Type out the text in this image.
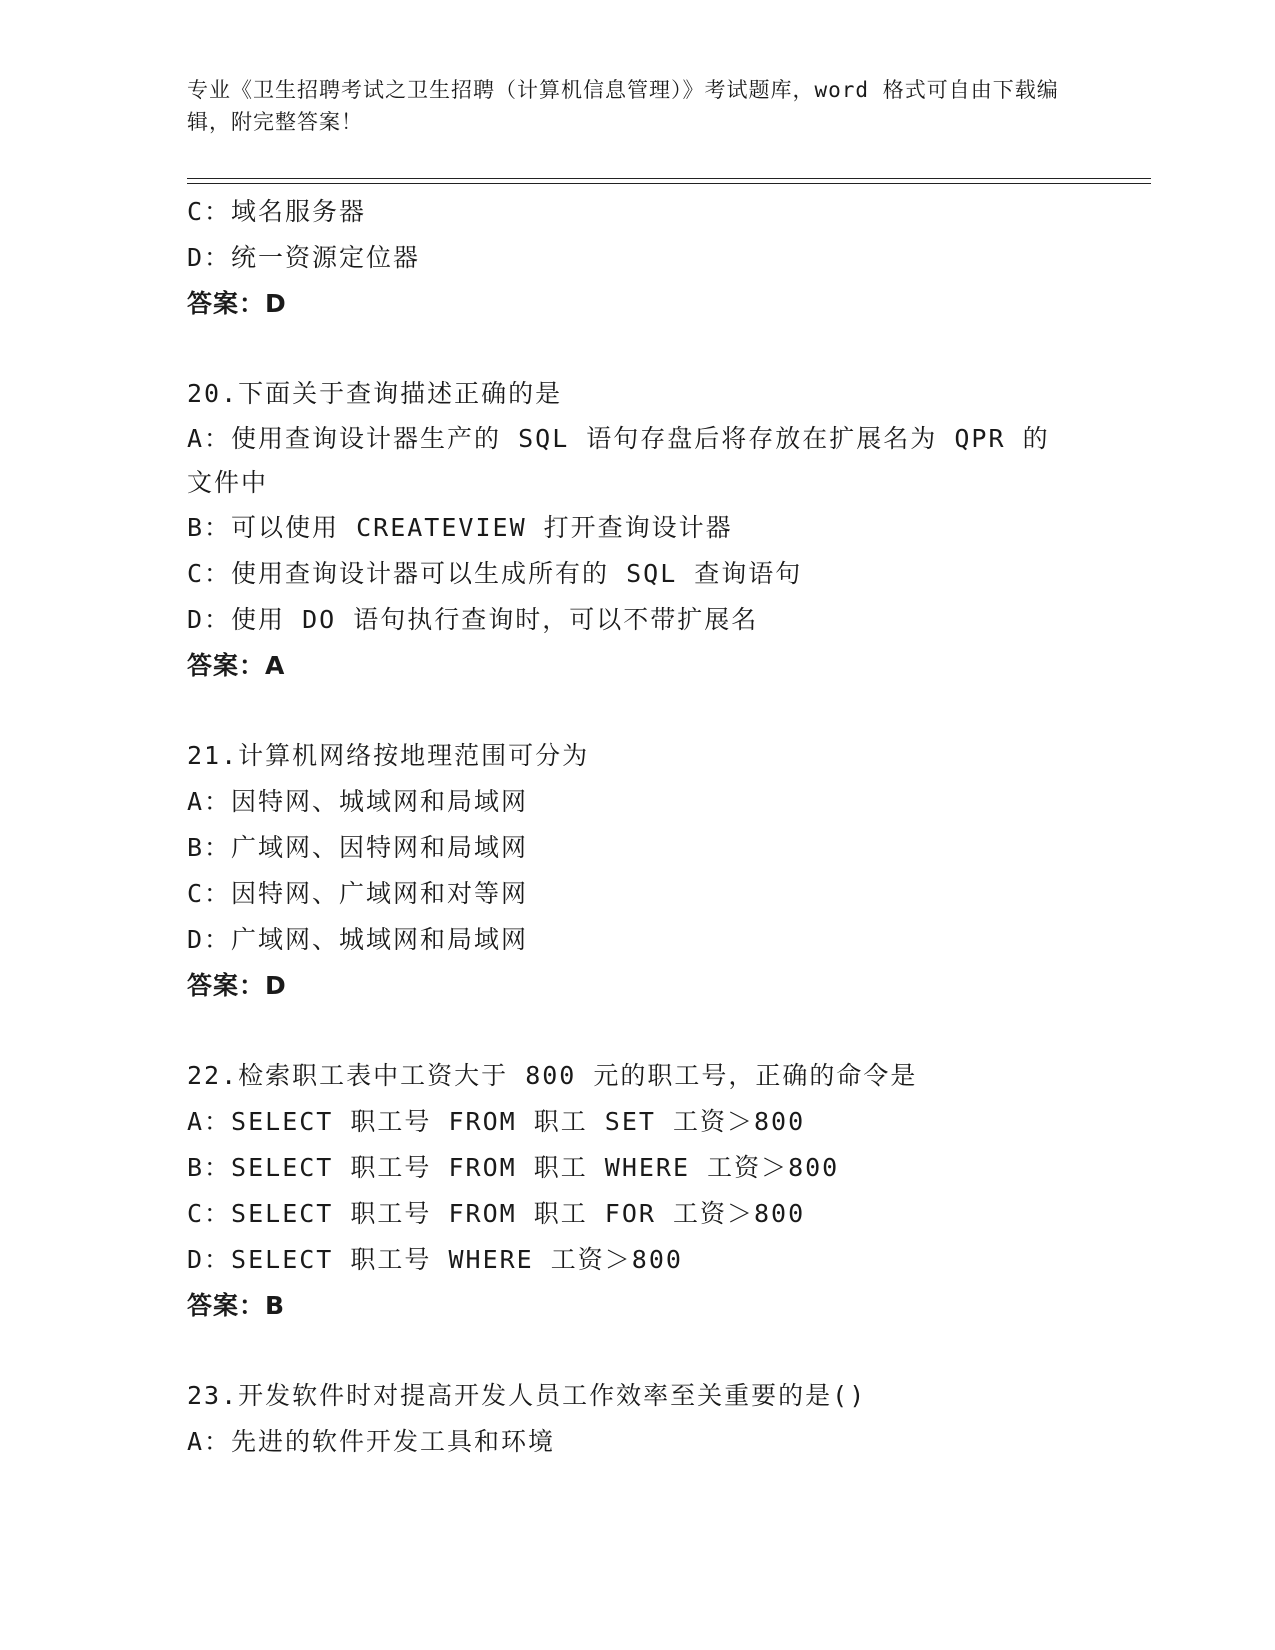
专业《卫生招聘考试之卫生招聘（计算机信息管理）》考试题库，word 格式可自由下载编辑，附完整答案！
C：域名服务器
D：统一资源定位器
答案：D
20.下面关于查询描述正确的是
A：使用查询设计器生产的 SQL 语句存盘后将存放在扩展名为 QPR 的文件中
B：可以使用 CREATEVIEW 打开查询设计器
C：使用查询设计器可以生成所有的 SQL 查询语句
D：使用 DO 语句执行查询时，可以不带扩展名
答案：A
21.计算机网络按地理范围可分为
A：因特网、城域网和局域网
B：广域网、因特网和局域网
C：因特网、广域网和对等网
D：广域网、城域网和局域网
答案：D
22.检索职工表中工资大于 800 元的职工号，正确的命令是
A：SELECT 职工号 FROM 职工 SET 工资＞800
B：SELECT 职工号 FROM 职工 WHERE 工资＞800
C：SELECT 职工号 FROM 职工 FOR 工资＞800
D：SELECT 职工号 WHERE 工资＞800
答案：B
23.开发软件时对提高开发人员工作效率至关重要的是()
A：先进的软件开发工具和环境
